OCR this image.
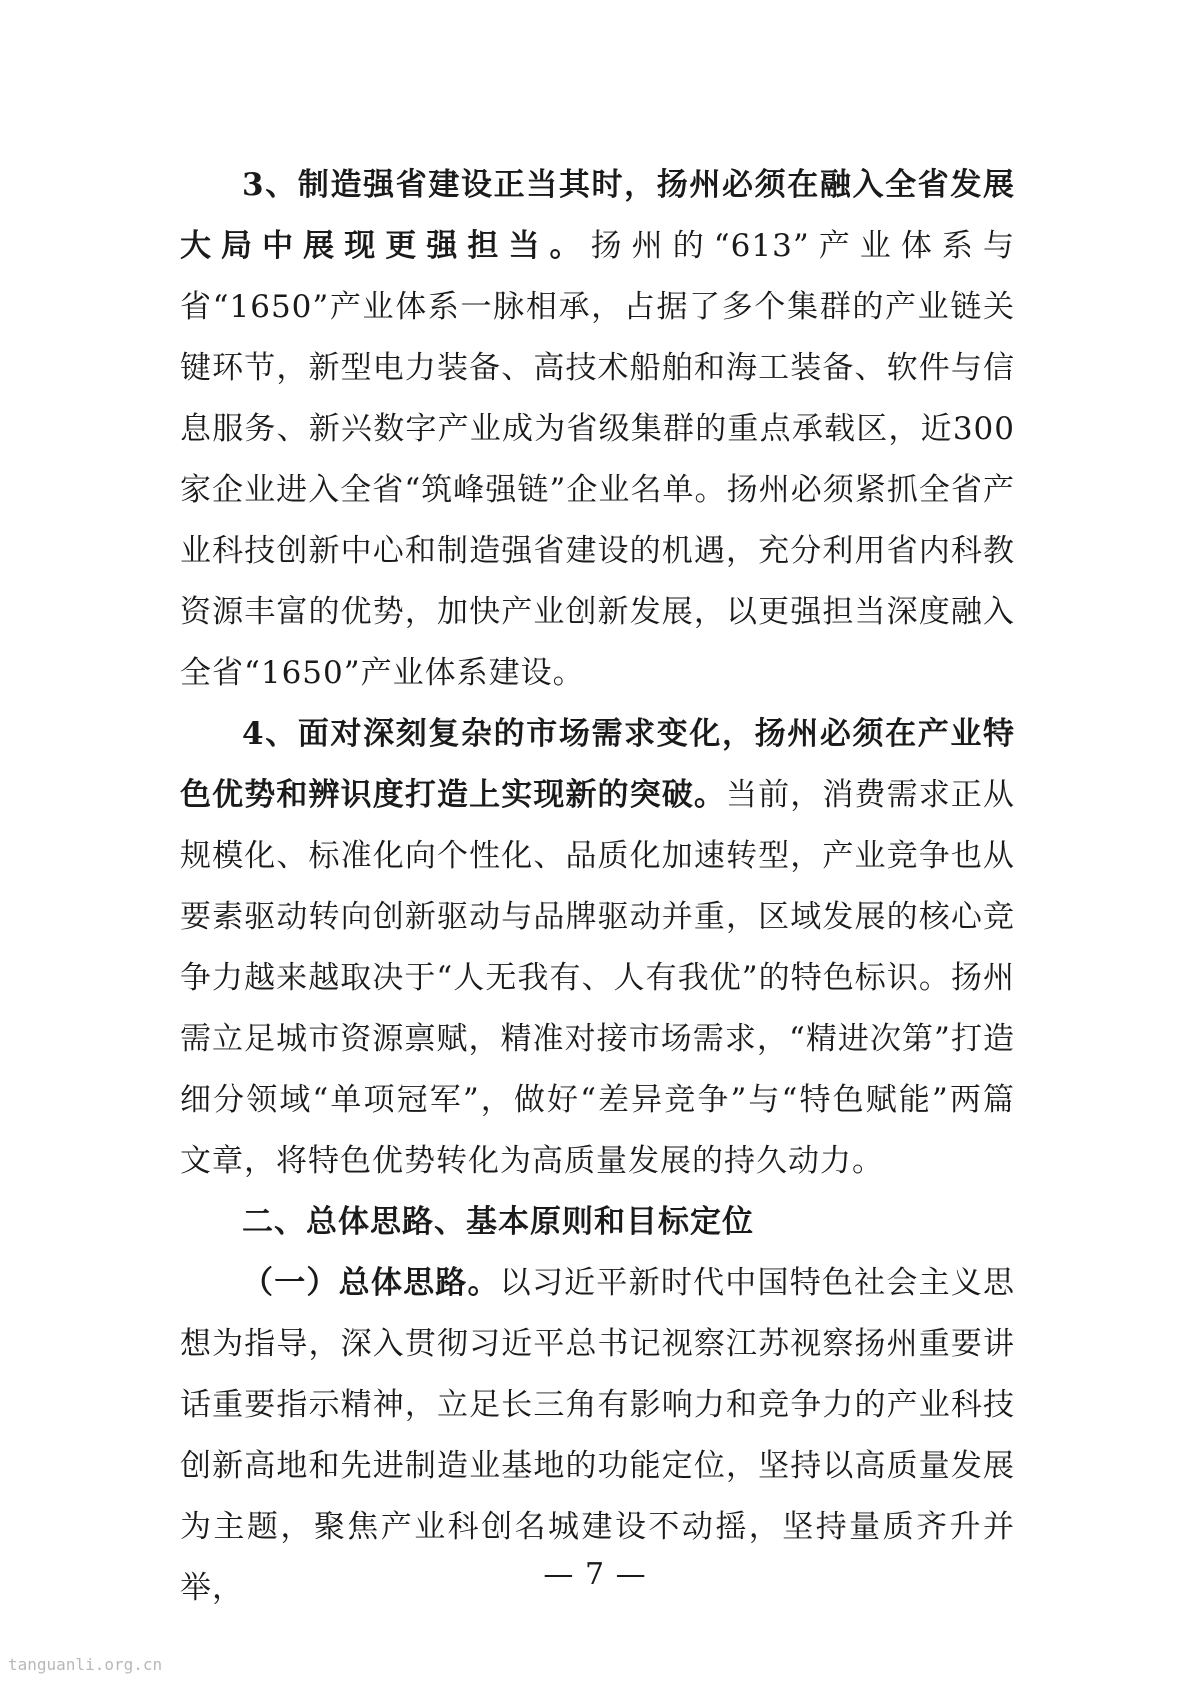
3、制造强省建设正当其时，扬州必须在融入全省发展大局中展现更强担当。扬州的“613”产业体系与省“1650”产业体系一脉相承，占据了多个集群的产业链关键环节，新型电力装备、高技术船舶和海工装备、软件与信息服务、新兴数字产业成为省级集群的重点承载区，近300家企业进入全省“筑峰强链”企业名单。扬州必须紧抓全省产业科技创新中心和制造强省建设的机遇，充分利用省内科教资源丰富的优势，加快产业创新发展，以更强担当深度融入全省“1650”产业体系建设。

4、面对深刻复杂的市场需求变化，扬州必须在产业特色优势和辨识度打造上实现新的突破。当前，消费需求正从规模化、标准化向个性化、品质化加速转型，产业竞争也从要素驱动转向创新驱动与品牌驱动并重，区域发展的核心竞争力越来越取决于“人无我有、人有我优”的特色标识。扬州需立足城市资源禀赋，精准对接市场需求，“精进次第”打造细分领域“单项冠军”，做好“差异竞争”与“特色赋能”两篇文章，将特色优势转化为高质量发展的持久动力。

二、总体思路、基本原则和目标定位

（一）总体思路。以习近平新时代中国特色社会主义思想为指导，深入贯彻习近平总书记视察江苏视察扬州重要讲话重要指示精神，立足长三角有影响力和竞争力的产业科技创新高地和先进制造业基地的功能定位，坚持以高质量发展为主题，聚焦产业科创名城建设不动摇，坚持量质齐升并举，	— 7 —
tanguanli.org.cn
